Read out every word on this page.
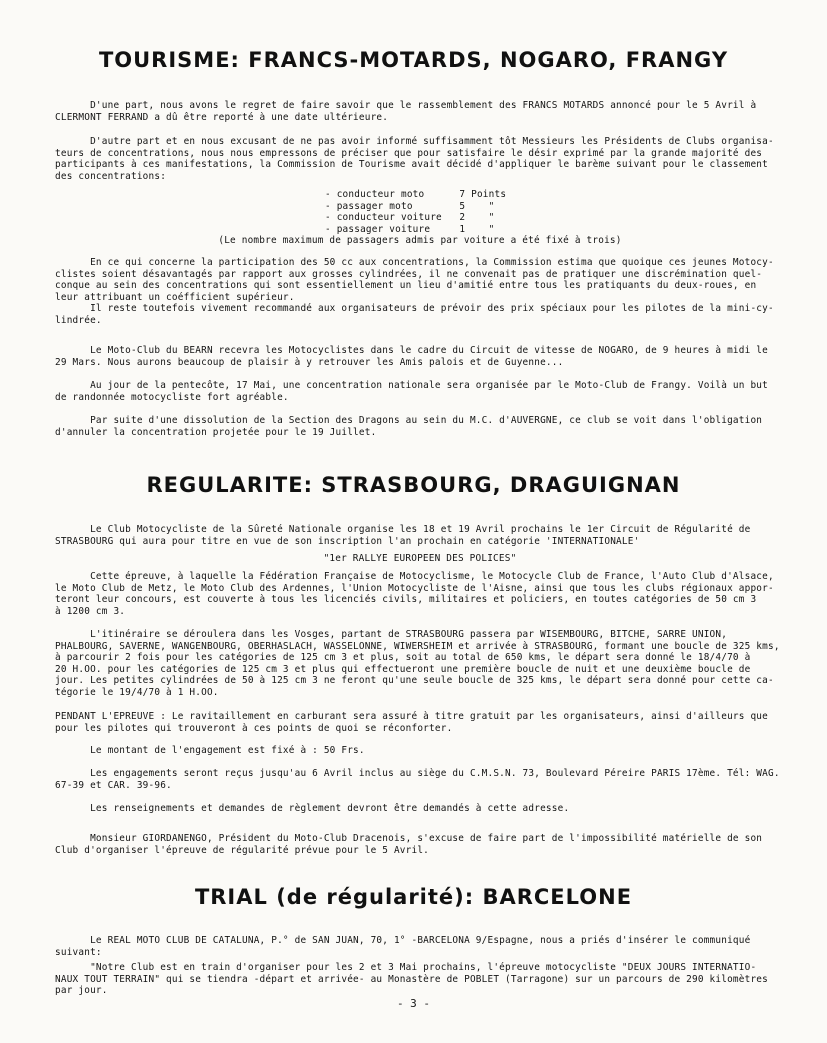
TOURISME: FRANCS-MOTARDS, NOGARO, FRANGY
D'une part, nous avons le regret de faire savoir que le rassemblement des FRANCS MOTARDS annoncé pour le 5 Avril à
CLERMONT FERRAND a dû être reporté à une date ultérieure.
D'autre part et en nous excusant de ne pas avoir informé suffisamment tôt Messieurs les Présidents de Clubs organisa-
teurs de concentrations, nous nous empressons de préciser que pour satisfaire le désir exprimé par la grande majorité des
participants à ces manifestations, la Commission de Tourisme avait décidé d'appliquer le barème suivant pour le classement
des concentrations:
- conducteur moto      7 Points
- passager moto        5    "
- conducteur voiture   2    "
- passager voiture     1    "
(Le nombre maximum de passagers admis par voiture a été fixé à trois)
En ce qui concerne la participation des 50 cc aux concentrations, la Commission estima que quoique ces jeunes Motocy-
clistes soient désavantagés par rapport aux grosses cylindrées, il ne convenait pas de pratiquer une discrémination quel-
conque au sein des concentrations qui sont essentiellement un lieu d'amitié entre tous les pratiquants du deux-roues, en
leur attribuant un coéfficient supérieur.
Il reste toutefois vivement recommandé aux organisateurs de prévoir des prix spéciaux pour les pilotes de la mini-cy-
lindrée.
Le Moto-Club du BEARN recevra les Motocyclistes dans le cadre du Circuit de vitesse de NOGARO, de 9 heures à midi le
29 Mars. Nous aurons beaucoup de plaisir à y retrouver les Amis palois et de Guyenne...
Au jour de la pentecôte, 17 Mai, une concentration nationale sera organisée par le Moto-Club de Frangy. Voilà un but
de randonnée motocycliste fort agréable.
Par suite d'une dissolution de la Section des Dragons au sein du M.C. d'AUVERGNE, ce club se voit dans l'obligation
d'annuler la concentration projetée pour le 19 Juillet.
REGULARITE: STRASBOURG, DRAGUIGNAN
Le Club Motocycliste de la Sûreté Nationale organise les 18 et 19 Avril prochains le 1er Circuit de Régularité de
STRASBOURG qui aura pour titre en vue de son inscription l'an prochain en catégorie 'INTERNATIONALE'
"1er RALLYE EUROPEEN DES POLICES"
Cette épreuve, à laquelle la Fédération Française de Motocyclisme, le Motocycle Club de France, l'Auto Club d'Alsace,
le Moto Club de Metz, le Moto Club des Ardennes, l'Union Motocycliste de l'Aisne, ainsi que tous les clubs régionaux appor-
teront leur concours, est couverte à tous les licenciés civils, militaires et policiers, en toutes catégories de 50 cm 3
à 1200 cm 3.
L'itinéraire se déroulera dans les Vosges, partant de STRASBOURG passera par WISEMBOURG, BITCHE, SARRE UNION,
PHALBOURG, SAVERNE, WANGENBOURG, OBERHASLACH, WASSELONNE, WIWERSHEIM et arrivée à STRASBOURG, formant une boucle de 325 kms,
à parcourir 2 fois pour les catégories de 125 cm 3 et plus, soit au total de 650 kms, le départ sera donné le 18/4/70 à
20 H.OO. pour les catégories de 125 cm 3 et plus qui effectueront une première boucle de nuit et une deuxième boucle de
jour. Les petites cylindrées de 50 à 125 cm 3 ne feront qu'une seule boucle de 325 kms, le départ sera donné pour cette ca-
tégorie le 19/4/70 à 1 H.OO.
PENDANT L'EPREUVE : Le ravitaillement en carburant sera assuré à titre gratuit par les organisateurs, ainsi d'ailleurs que
pour les pilotes qui trouveront à ces points de quoi se réconforter.
Le montant de l'engagement est fixé à : 50 Frs.
Les engagements seront reçus jusqu'au 6 Avril inclus au siège du C.M.S.N. 73, Boulevard Péreire PARIS 17ème. Tél: WAG.
67-39 et CAR. 39-96.
Les renseignements et demandes de règlement devront être demandés à cette adresse.
Monsieur GIORDANENGO, Président du Moto-Club Dracenois, s'excuse de faire part de l'impossibilité matérielle de son
Club d'organiser l'épreuve de régularité prévue pour le 5 Avril.
TRIAL (de régularité): BARCELONE
Le REAL MOTO CLUB DE CATALUNA, P.° de SAN JUAN, 70, 1° -BARCELONA 9/Espagne, nous a priés d'insérer le communiqué
suivant:
"Notre Club est en train d'organiser pour les 2 et 3 Mai prochains, l'épreuve motocycliste "DEUX JOURS INTERNATIO-
NAUX TOUT TERRAIN" qui se tiendra -départ et arrivée- au Monastère de POBLET (Tarragone) sur un parcours de 290 kilomètres
par jour.
- 3 -
